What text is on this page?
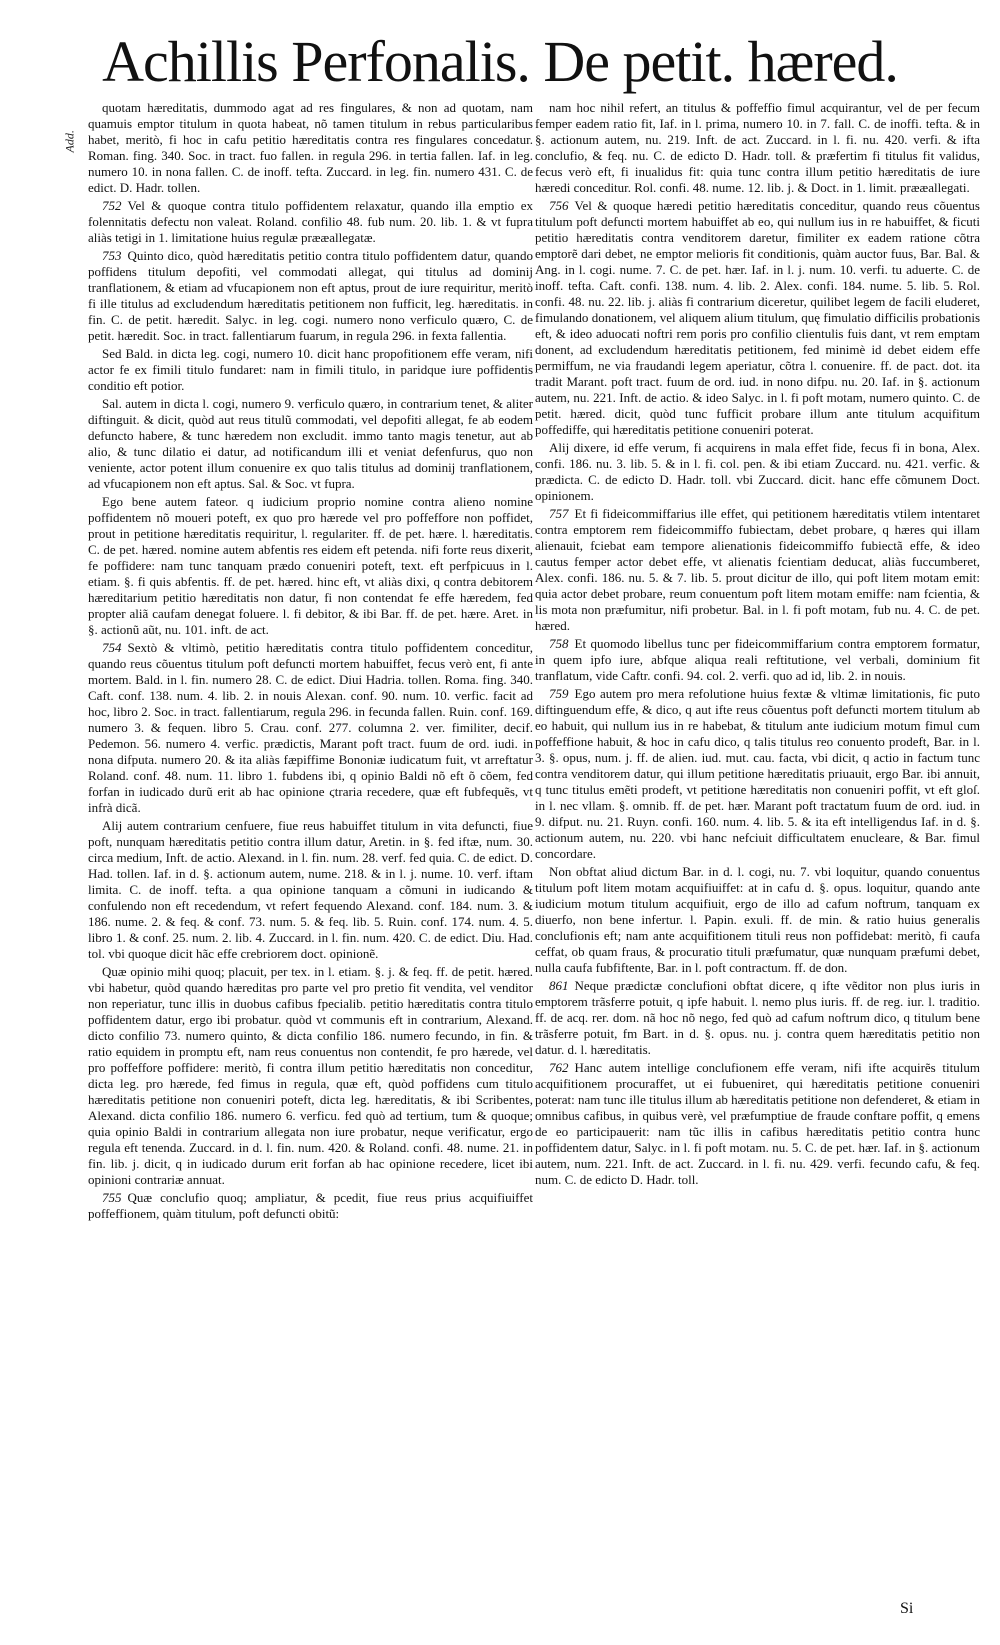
Achillis Perfonalis. De petit. hæred.
Add.

quotam hæreditatis, dummodo agat ad res fingulares, & non ad quotam, nam quamuis emptor titulum in quota habeat, nõ tamen titulum in rebus particularibus habet, meritò, fi hoc in cafu petitio hæreditatis contra res fingulares concedatur. Roman. fing. 340. Soc. in tract. fuo fallen. in regula 296. in tertia fallen. Iaf. in leg. numero 10. in nona fallen. C. de inoff. tefta. Zuccard. in leg. fin. numero 431. C. de edict. D. Hadr. tollen.

752 Vel & quoque contra titulo poffidentem relaxatur, quando illa emptio ex folennitatis defectu non valeat. Roland. confilio 48. fub num. 20. lib. 1. & vt fupra aliàs tetigi in 1. limitatione huius regulæ prææallegatæ.

753 Quinto dico, quòd hæreditatis petitio contra titulo poffidentem datur, quando poffidens titulum depofiti, vel commodati allegat, qui titulus ad dominij tranflationem, & etiam ad vfucapionem non eft aptus, prout de iure requiritur, meritò fi ille titulus ad excludendum hæreditatis petitionem non fufficit, leg. hæreditatis. in fin. C. de petit. hæredit. Salyc. in leg. cogi. numero nono verficulo quæro, C. de petit. hæredit. Soc. in tract. fallentiarum fuarum, in regula 296. in fexta fallentia.

Sed Bald. in dicta leg. cogi, numero 10. dicit hanc propofitionem effe veram, nifi actor fe ex fimili titulo fundaret: nam in fimili titulo, in paridque iure poffidentis conditio eft potior.

Sal. autem in dicta l. cogi, numero 9. verficulo quæro, in contrarium tenet, & aliter diftinguit. & dicit, quòd aut reus titulũ commodati, vel depofiti allegat, fe ab eodem defuncto habere, & tunc hæredem non excludit. immo tanto magis tenetur, aut ab alio, & tunc dilatio ei datur, ad notificandum illi et veniat defenfurus, quo non veniente, actor potent illum conuenire ex quo talis titulus ad dominij tranflationem, ad vfucapionem non eft aptus. Sal. & Soc. vt fupra.

Ego bene autem fateor. q iudicium proprio nomine contra alieno nomine poffidentem nõ moueri poteft, ex quo pro hærede vel pro poffeffore non poffidet, prout in petitione hæreditatis requiritur, l. regulariter. ff. de pet. hære. l. hæreditatis. C. de pet. hæred. nomine autem abfentis res eidem eft petenda. nifi forte reus dixerit, fe poffidere: nam tunc tanquam prædo conueniri poteft, text. eft perfpicuus in l. etiam. §. fi quis abfentis. ff. de pet. hæred. hinc eft, vt aliàs dixi, q contra debitorem hæreditarium petitio hæreditatis non datur, fi non contendat fe effe hæredem, fed propter aliã caufam denegat foluere. l. fi debitor, & ibi Bar. ff. de pet. hære. Aret. in §. actionũ aũt, nu. 101. inft. de act.

754 Sextò & vltimò, petitio hæreditatis contra titulo poffidentem conceditur, quando reus cõuentus titulum poft defuncti mortem habuiffet, fecus verò ent, fi ante mortem. Bald. in l. fin. numero 28. C. de edict. Diui Hadria. tollen. Roma. fing. 340. Caft. conf. 138. num. 4. lib. 2. in nouis Alexan. conf. 90. num. 10. verfic. facit ad hoc, libro 2. Soc. in tract. fallentiarum, regula 296. in fecunda fallen. Ruin. conf. 169. numero 3. & fequen. libro 5. Crau. conf. 277. columna 2. ver. fimiliter, decif. Pedemon. 56. numero 4. verfic. prædictis, Marant poft tract. fuum de ord. iudi. in nona difputa. numero 20. & ita aliàs fæpiffime Bononiæ iudicatum fuit, vt arreftatur Roland. conf. 48. num. 11. libro 1. fubdens ibi, q opinio Baldi nõ eft õ cõem, fed forfan in iudicado durũ erit ab hac opinione ϛtraria recedere, quæ eft fubfequẽs, vt infrà dicã.

Alij autem contrarium cenfuere, fiue reus habuiffet titulum in vita defuncti, fiue poft, nunquam hæreditatis petitio contra illum datur, Aretin. in §. fed iftæ, num. 30. circa medium, Inft. de actio. Alexand. in l. fin. num. 28. verf. fed quia. C. de edict. D. Had. tollen. Iaf. in d. §. actionum autem, nume. 218. & in l. j. nume. 10. verf. iftam limita. C. de inoff. tefta. a qua opinione tanquam a cõmuni in iudicando & confulendo non eft recedendum, vt refert fequendo Alexand. conf. 184. num. 3. & 186. nume. 2. & feq. & conf. 73. num. 5. & feq. lib. 5. Ruin. conf. 174. num. 4. 5. libro 1. & conf. 25. num. 2. lib. 4. Zuccard. in l. fin. num. 420. C. de edict. Diu. Had. tol. vbi quoque dicit hãc effe crebriorem doct. opinionẽ.

Quæ opinio mihi quoq; placuit, per tex. in l. etiam. §. j. & feq. ff. de petit. hæred. vbi habetur, quòd quando hæreditas pro parte vel pro pretio fit vendita, vel venditor non reperiatur, tunc illis in duobus cafibus fpecialib. petitio hæreditatis contra titulo poffidentem datur, ergo ibi probatur. quòd vt communis eft in contrarium, Alexand. dicto confilio 73. numero quinto, & dicta confilio 186. numero fecundo, in fin. & ratio equidem in promptu eft, nam reus conuentus non contendit, fe pro hærede, vel pro poffeffore poffidere: meritò, fi contra illum petitio hæreditatis non conceditur, dicta leg. pro hærede, fed fimus in regula, quæ eft, quòd poffidens cum titulo hæreditatis petitione non conueniri poteft, dicta leg. hæreditatis, & ibi Scribentes, Alexand. dicta confilio 186. numero 6. verficu. fed quò ad tertium, tum & quoque; quia opinio Baldi in contrarium allegata non iure probatur, neque verificatur, ergo regula eft tenenda. Zuccard. in d. l. fin. num. 420. & Roland. confi. 48. nume. 21. in fin. lib. j. dicit, q in iudicado durum erit forfan ab hac opinione recedere, licet ibi opinioni contrariæ annuat.

755 Quæ conclufio quoq; ampliatur, & pcedit, fiue reus prius acquifiuiffet poffeffionem, quàm titulum, poft defuncti obitũ:

nam hoc nihil refert, an titulus & poffeffio fimul acquirantur, vel de per fecum femper eadem ratio fit, Iaf. in l. prima, numero 10. in 7. fall. C. de inoffi. tefta. & in §. actionum autem, nu. 219. Inft. de act. Zuccard. in l. fi. nu. 420. verfi. & ifta conclufio, & feq. nu. C. de edicto D. Hadr. toll. & præfertim fi titulus fit validus, fecus verò eft, fi inualidus fit: quia tunc contra illum petitio hæreditatis de iure hæredi conceditur. Rol. confi. 48. nume. 12. lib. j. & Doct. in 1. limit. prææallegati.

756 Vel & quoque hæredi petitio hæreditatis conceditur, quando reus cõuentus titulum poft defuncti mortem habuiffet ab eo, qui nullum ius in re habuiffet, & ficuti petitio hæreditatis contra venditorem daretur, fimiliter ex eadem ratione cõtra emptorẽ dari debet, ne emptor melioris fit conditionis, quàm auctor fuus, Bar. Bal. & Ang. in l. cogi. nume. 7. C. de pet. hær. Iaf. in l. j. num. 10. verfi. tu aduerte. C. de inoff. tefta. Caft. confi. 138. num. 4. lib. 2. Alex. confi. 184. nume. 5. lib. 5. Rol. confi. 48. nu. 22. lib. j. aliàs fi contrarium diceretur, quilibet legem de facili eluderet, fimulando donationem, vel aliquem alium titulum, quę fimulatio difficilis probationis eft, & ideo aduocati noftri rem poris pro confilio clientulis fuis dant, vt rem emptam donent, ad excludendum hæreditatis petitionem, fed minimè id debet eidem effe permiffum, ne via fraudandi legem aperiatur, cõtra l. conuenire. ff. de pact. dot. ita tradit Marant. poft tract. fuum de ord. iud. in nono difpu. nu. 20. Iaf. in §. actionum autem, nu. 221. Inft. de actio. & ideo Salyc. in l. fi poft motam, numero quinto. C. de petit. hæred. dicit, quòd tunc fufficit probare illum ante titulum acquifitum poffediffe, qui hæreditatis petitione conueniri poterat.

Alij dixere, id effe verum, fi acquirens in mala effet fide, fecus fi in bona, Alex. confi. 186. nu. 3. lib. 5. & in l. fi. col. pen. & ibi etiam Zuccard. nu. 421. verfic. & prædicta. C. de edicto D. Hadr. toll. vbi Zuccard. dicit. hanc effe cõmunem Doct. opinionem.

757 Et fi fideicommiffarius ille effet, qui petitionem hæreditatis vtilem intentaret contra emptorem rem fideicommiffo fubiectam, debet probare, q hæres qui illam alienauit, fciebat eam tempore alienationis fideicommiffo fubiectã effe, & ideo cautus femper actor debet effe, vt alienatis fcientiam deducat, aliàs fuccumberet, Alex. confi. 186. nu. 5. & 7. lib. 5. prout dicitur de illo, qui poft litem motam emit: quia actor debet probare, reum conuentum poft litem motam emiffe: nam fcientia, & lis mota non præfumitur, nifi probetur. Bal. in l. fi poft motam, fub nu. 4. C. de pet. hæred.

758 Et quomodo libellus tunc per fideicommiffarium contra emptorem formatur, in quem ipfo iure, abfque aliqua reali reftitutione, vel verbali, dominium fit tranflatum, vide Caftr. confi. 94. col. 2. verfi. quo ad id, lib. 2. in nouis.

759 Ego autem pro mera refolutione huius fextæ & vltimæ limitationis, fic puto diftinguendum effe, & dico, q aut ifte reus cõuentus poft defuncti mortem titulum ab eo habuit, qui nullum ius in re habebat, & titulum ante iudicium motum fimul cum poffeffione habuit, & hoc in cafu dico, q talis titulus reo conuento prodeft, Bar. in l. 3. §. opus, num. j. ff. de alien. iud. mut. cau. facta, vbi dicit, q actio in factum tunc contra venditorem datur, qui illum petitione hæreditatis priuauit, ergo Bar. ibi annuit, q tunc titulus emẽti prodeft, vt petitione hæreditatis non conueniri poffit, vt eft gloſ. in l. nec vllam. §. omnib. ff. de pet. hær. Marant poft tractatum fuum de ord. iud. in 9. difput. nu. 21. Ruyn. confi. 160. num. 4. lib. 5. & ita eft intelligendus Iaf. in d. §. actionum autem, nu. 220. vbi hanc nefciuit difficultatem enucleare, & Bar. fimul concordare.

Non obftat aliud dictum Bar. in d. l. cogi, nu. 7. vbi loquitur, quando conuentus titulum poft litem motam acquifiuiffet: at in cafu d. §. opus. loquitur, quando ante iudicium motum titulum acquifiuit, ergo de illo ad cafum noftrum, tanquam ex diuerfo, non bene infertur. l. Papin. exuli. ff. de min. & ratio huius generalis conclufionis eft; nam ante acquifitionem tituli reus non poffidebat: meritò, fi caufa ceffat, ob quam fraus, & procuratio tituli præfumatur, quæ nunquam præfumi debet, nulla caufa fubfiftente, Bar. in l. poft contractum. ff. de don.

861 Neque prædictæ conclufioni obftat dicere, q ifte vẽditor non plus iuris in emptorem trãsferre potuit, q ipfe habuit. l. nemo plus iuris. ff. de reg. iur. l. traditio. ff. de acq. rer. dom. nã hoc nõ nego, fed quò ad cafum noftrum dico, q titulum bene trãsferre potuit, fm Bart. in d. §. opus. nu. j. contra quem hæreditatis petitio non datur. d. l. hæreditatis.

762 Hanc autem intellige conclufionem effe veram, nifi ifte acquirẽs titulum acquifitionem procuraffet, ut ei fubueniret, qui hæreditatis petitione conueniri poterat: nam tunc ille titulus illum ab hæreditatis petitione non defenderet, & etiam in omnibus cafibus, in quibus verè, vel præfumptiue de fraude conftare poffit, q emens de eo participauerit: nam tũc illis in cafibus hæreditatis petitio contra hunc poffidentem datur, Salyc. in l. fi poft motam. nu. 5. C. de pet. hær. Iaf. in §. actionum autem, num. 221. Inft. de act. Zuccard. in l. fi. nu. 429. verfi. fecundo cafu, & feq. num. C. de edicto D. Hadr. toll.

Si
